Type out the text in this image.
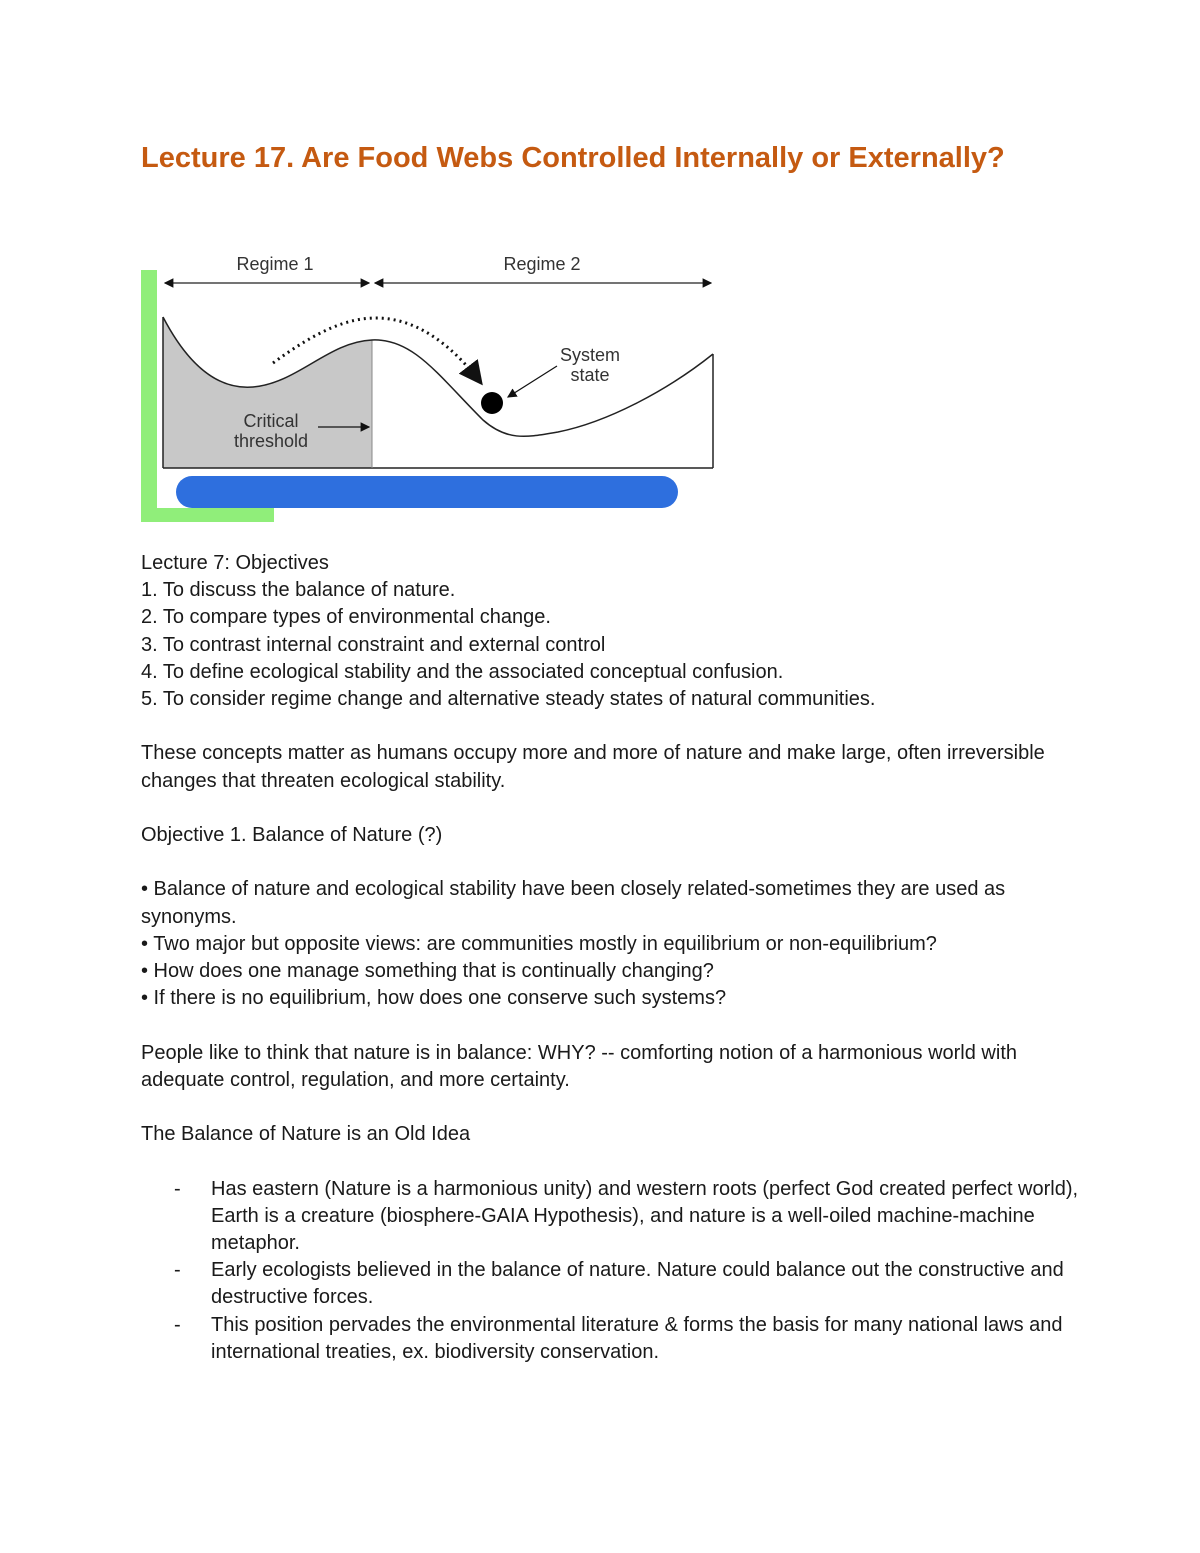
Lecture 17. Are Food Webs Controlled Internally or Externally?
System
state
Critical
threshold
Regime 1	Regime 2

Lecture 7: Objectives

1. To discuss the balance of nature.
2. To compare types of environmental change.
3. To contrast internal constraint and external control
4. To define ecological stability and the associated conceptual confusion.
5. To consider regime change and alternative steady states of natural communities.

These concepts matter as humans occupy more and more of nature and make large, often irreversible changes that threaten ecological stability.

Objective 1. Balance of Nature (?)

• Balance of nature and ecological stability have been closely related-sometimes they are used as synonyms.
• Two major but opposite views: are communities mostly in equilibrium or non-equilibrium?
• How does one manage something that is continually changing?
• If there is no equilibrium, how does one conserve such systems?

People like to think that nature is in balance: WHY? -- comforting notion of a harmonious world with adequate control, regulation, and more certainty.

The Balance of Nature is an Old Idea

- Has eastern (Nature is a harmonious unity) and western roots (perfect God created perfect world), Earth is a creature (biosphere-GAIA Hypothesis), and nature is a well-oiled machine-machine metaphor.
- Early ecologists believed in the balance of nature. Nature could balance out the constructive and destructive forces.
- This position pervades the environmental literature & forms the basis for many national laws and international treaties, ex. biodiversity conservation.
